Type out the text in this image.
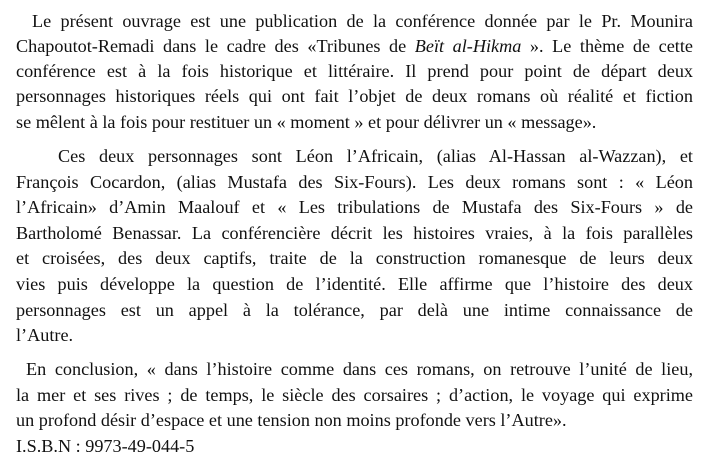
Le présent ouvrage est une publication de la conférence donnée par le Pr. Mounira
Chapoutot-Remadi dans le cadre des «Tribunes de Beït al-Hikma ». Le thème de cette
conférence est à la fois historique et littéraire. Il prend pour point de départ deux
personnages historiques réels qui ont fait l’objet de deux romans où réalité et fiction
se mêlent à la fois pour restituer un « moment » et pour délivrer un « message».
Ces deux personnages sont Léon l’Africain, (alias Al-Hassan al-Wazzan), et
François Cocardon, (alias Mustafa des Six-Fours). Les deux romans sont : « Léon
l’Africain» d’Amin Maalouf et « Les tribulations de Mustafa des Six-Fours » de
Bartholomé Benassar. La conférencière décrit les histoires vraies, à la fois parallèles
et croisées, des deux captifs, traite de la construction romanesque de leurs deux
vies puis développe la question de l’identité. Elle affirme que l’histoire des deux
personnages est un appel à la tolérance, par delà une intime connaissance de
l’Autre.
En conclusion, « dans l’histoire comme dans ces romans, on retrouve l’unité de lieu,
la mer et ses rives ; de temps, le siècle des corsaires ; d’action, le voyage qui exprime
un profond désir d’espace et une tension non moins profonde vers l’Autre».
I.S.B.N : 9973-49-044-5
